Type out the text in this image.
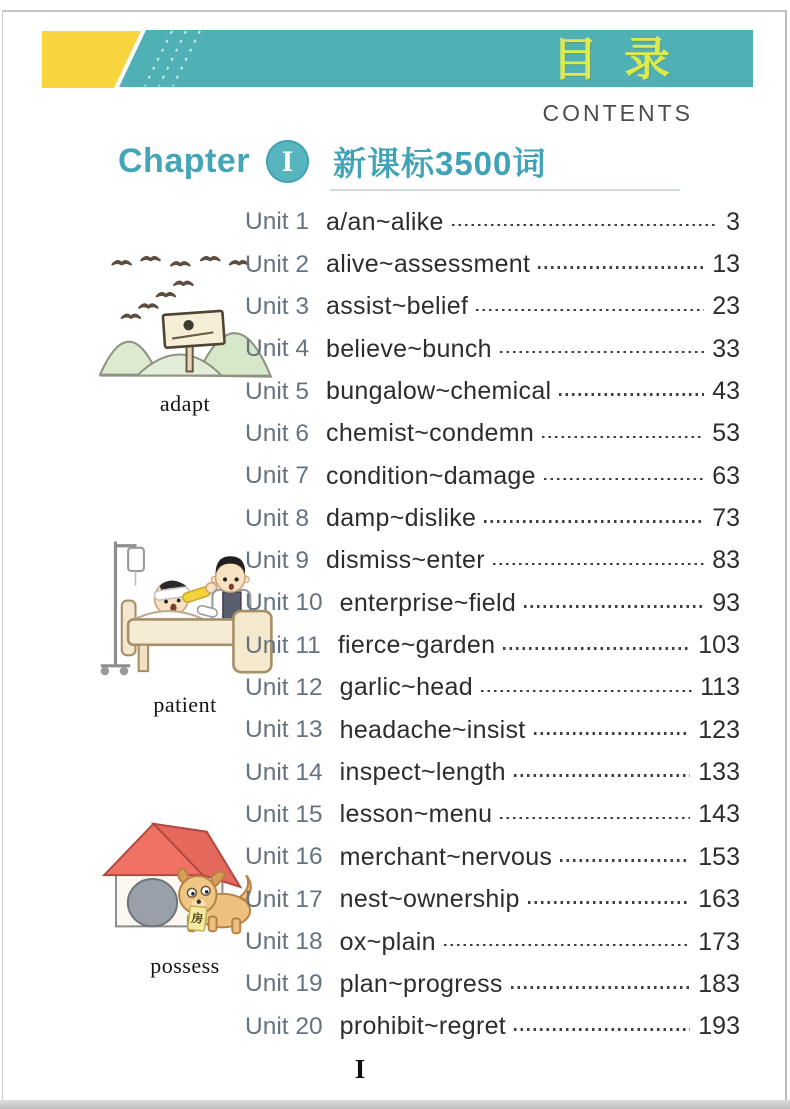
目录
CONTENTS
Chapter I 新课标3500词
adapt
patient
房
possess
Unit 1 a/an~alike	3
Unit 2 alive~assessment	13
Unit 3 assist~belief	23
Unit 4 believe~bunch	33
Unit 5 bungalow~chemical	43
Unit 6 chemist~condemn	53
Unit 7 condition~damage	63
Unit 8 damp~dislike	73
Unit 9 dismiss~enter	83
Unit 10 enterprise~field	93
Unit 11 fierce~garden	103
Unit 12 garlic~head	113
Unit 13 headache~insist	123
Unit 14 inspect~length	133
Unit 15 lesson~menu	143
Unit 16 merchant~nervous	153
Unit 17 nest~ownership	163
Unit 18 ox~plain	173
Unit 19 plan~progress	183
Unit 20 prohibit~regret	193
I
